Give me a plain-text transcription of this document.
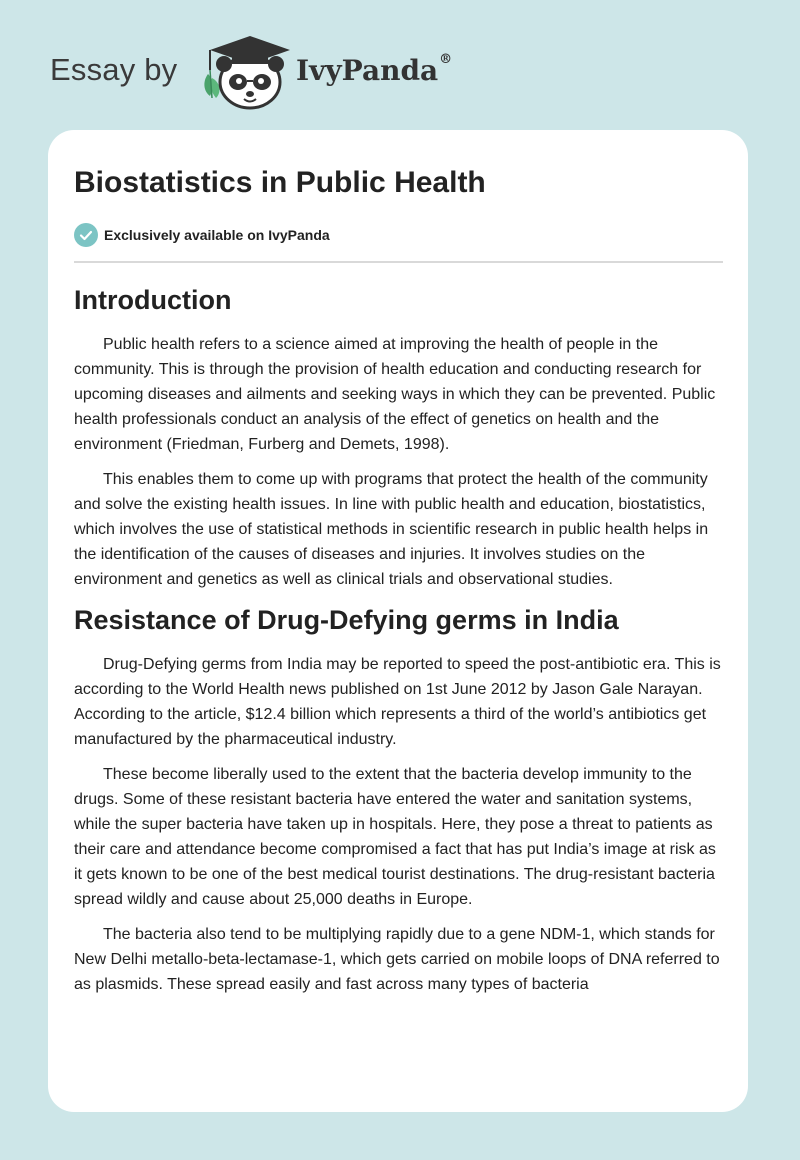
Essay by	IvyPanda®
Biostatistics in Public Health
Exclusively available on IvyPanda
Introduction

Public health refers to a science aimed at improving the health of people in the community. This is through the provision of health education and conducting research for upcoming diseases and ailments and seeking ways in which they can be prevented. Public health professionals conduct an analysis of the effect of genetics on health and the environment (Friedman, Furberg and Demets, 1998).

This enables them to come up with programs that protect the health of the community and solve the existing health issues. In line with public health and education, biostatistics, which involves the use of statistical methods in scientific research in public health helps in the identification of the causes of diseases and injuries. It involves studies on the environment and genetics as well as clinical trials and observational studies.

Resistance of Drug-Defying germs in India

Drug-Defying germs from India may be reported to speed the post-antibiotic era. This is according to the World Health news published on 1st June 2012 by Jason Gale Narayan. According to the article, $12.4 billion which represents a third of the world’s antibiotics get manufactured by the pharmaceutical industry.

These become liberally used to the extent that the bacteria develop immunity to the drugs. Some of these resistant bacteria have entered the water and sanitation systems, while the super bacteria have taken up in hospitals. Here, they pose a threat to patients as their care and attendance become compromised a fact that has put India’s image at risk as it gets known to be one of the best medical tourist destinations. The drug-resistant bacteria spread wildly and cause about 25,000 deaths in Europe.

The bacteria also tend to be multiplying rapidly due to a gene NDM-1, which stands for New Delhi metallo-beta-lectamase-1, which gets carried on mobile loops of DNA referred to as plasmids. These spread easily and fast across many types of bacteria
